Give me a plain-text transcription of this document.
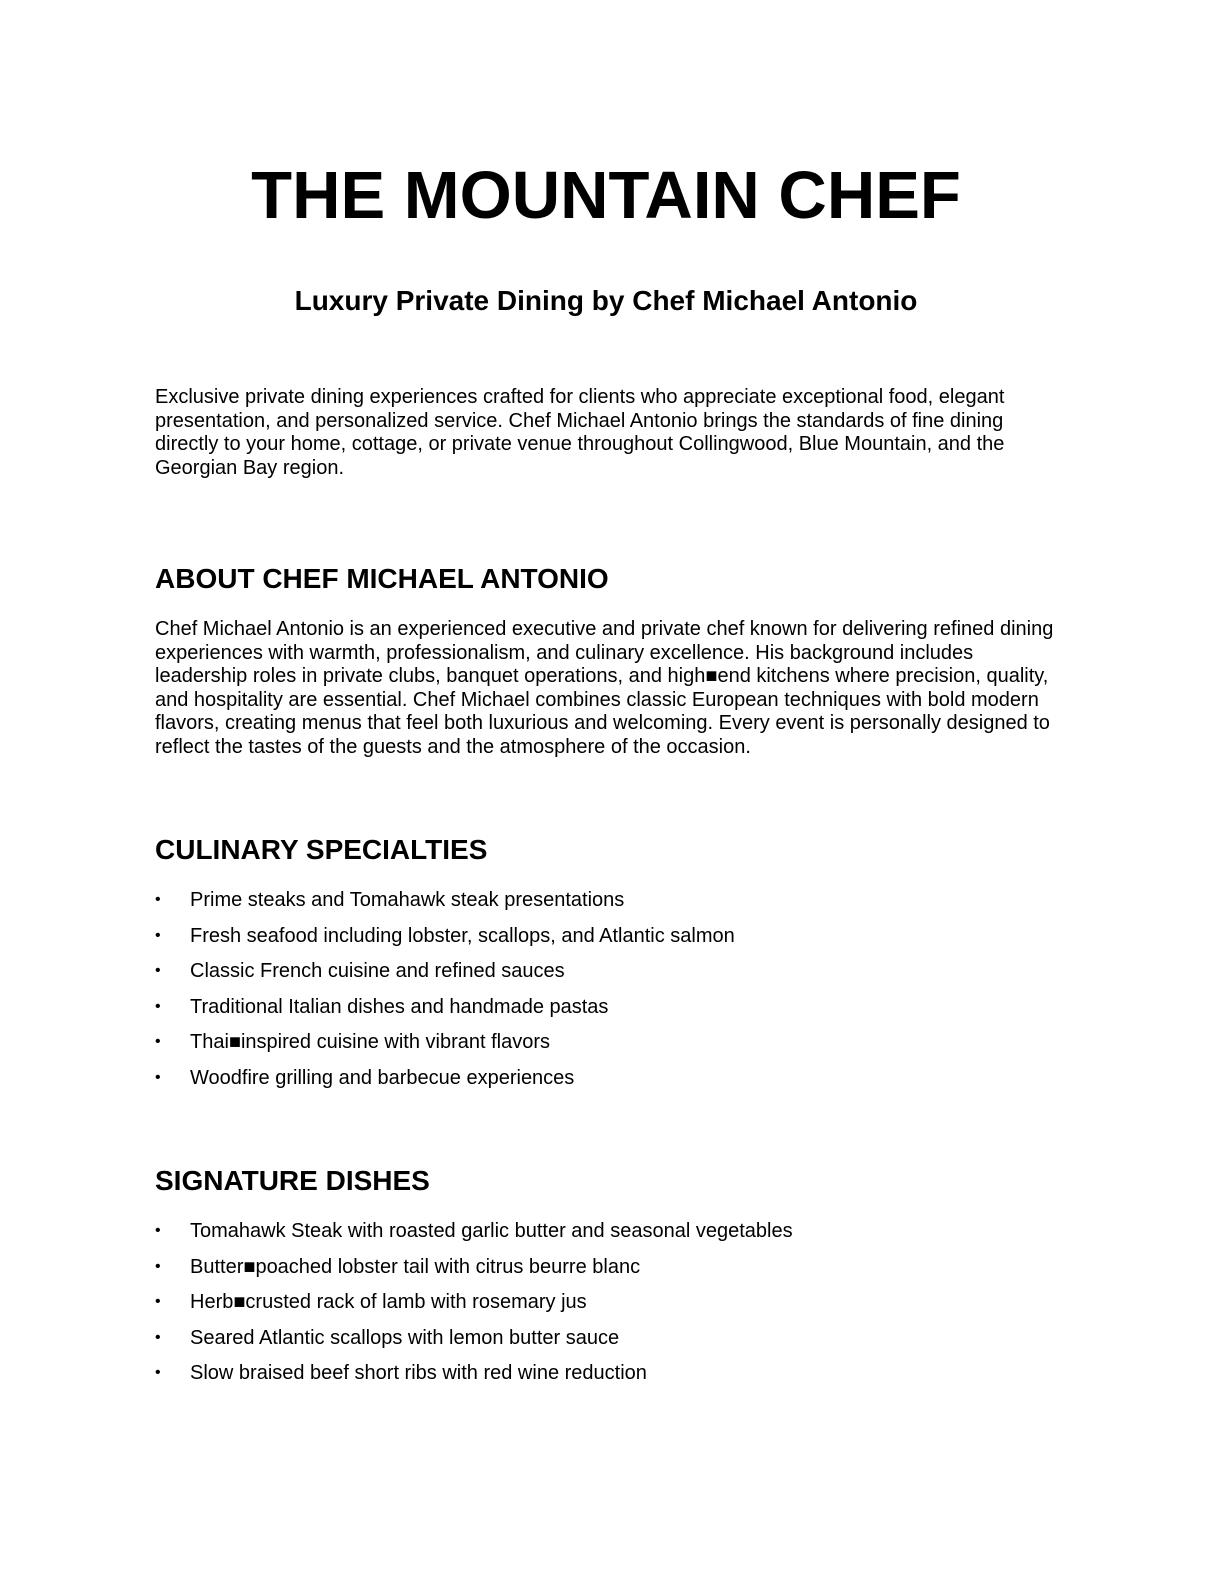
THE MOUNTAIN CHEF
Luxury Private Dining by Chef Michael Antonio

Exclusive private dining experiences crafted for clients who appreciate exceptional food, elegant presentation, and personalized service. Chef Michael Antonio brings the standards of fine dining directly to your home, cottage, or private venue throughout Collingwood, Blue Mountain, and the Georgian Bay region.

ABOUT CHEF MICHAEL ANTONIO

Chef Michael Antonio is an experienced executive and private chef known for delivering refined dining experiences with warmth, professionalism, and culinary excellence. His background includes leadership roles in private clubs, banquet operations, and high■end kitchens where precision, quality, and hospitality are essential. Chef Michael combines classic European techniques with bold modern flavors, creating menus that feel both luxurious and welcoming. Every event is personally designed to reflect the tastes of the guests and the atmosphere of the occasion.

CULINARY SPECIALTIES
• Prime steaks and Tomahawk steak presentations
• Fresh seafood including lobster, scallops, and Atlantic salmon
• Classic French cuisine and refined sauces
• Traditional Italian dishes and handmade pastas
• Thai■inspired cuisine with vibrant flavors
• Woodfire grilling and barbecue experiences
SIGNATURE DISHES
• Tomahawk Steak with roasted garlic butter and seasonal vegetables
• Butter■poached lobster tail with citrus beurre blanc
• Herb■crusted rack of lamb with rosemary jus
• Seared Atlantic scallops with lemon butter sauce
• Slow braised beef short ribs with red wine reduction
